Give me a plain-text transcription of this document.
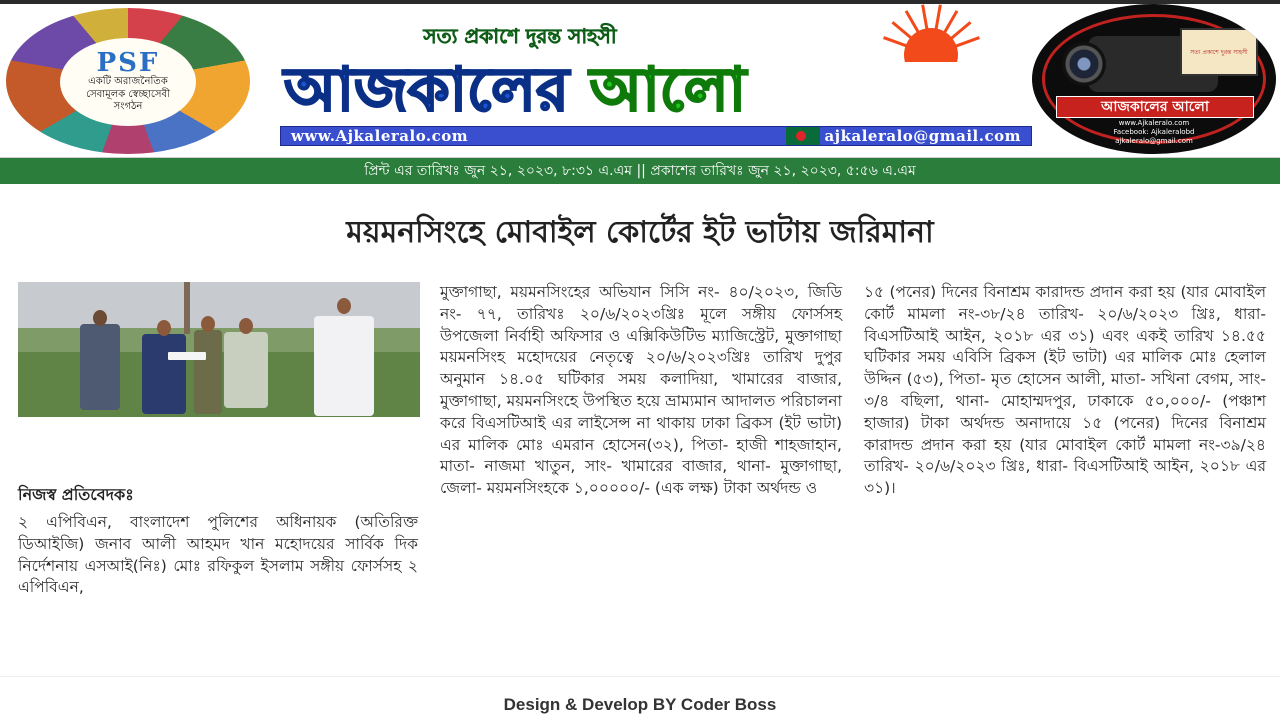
PSF
একটি অরাজনৈতিক
সেবামূলক স্বেচ্ছাসেবী
সংগঠন
সত্য প্রকাশে দুরন্ত সাহসী
আজকালের আলো
www.Ajkaleralo.com	ajkaleralo@gmail.com
সত্য প্রকাশে দুরন্ত সাহসী
আজকালের আলো
www.Ajkaleralo.com
Facebook: Ajkaleralobd
ajkaleralo@gmail.com
প্রিন্ট এর তারিখঃ জুন ২১, ২০২৩, ৮:৩১ এ.এম || প্রকাশের তারিখঃ জুন ২১, ২০২৩, ৫:৫৬ এ.এম
ময়মনসিংহে মোবাইল কোর্টের ইট ভাটায় জরিমানা
নিজস্ব প্রতিবেদকঃ
২ এপিবিএন, বাংলাদেশ পুলিশের অধিনায়ক (অতিরিক্ত ডিআইজি) জনাব আলী আহমদ খান মহোদয়ের সার্বিক দিক নির্দেশনায় এসআই(নিঃ) মোঃ রফিকুল ইসলাম সঙ্গীয় ফোর্সসহ ২ এপিবিএন,
মুক্তাগাছা, ময়মনসিংহের অভিযান সিসি নং- ৪০/২০২৩, জিডি নং- ৭৭, তারিখঃ ২০/৬/২০২৩খ্রিঃ মূলে সঙ্গীয় ফোর্সসহ উপজেলা নির্বাহী অফিসার ও এক্সিকিউটিভ ম্যাজিস্ট্রেট, মুক্তাগাছা ময়মনসিংহ মহোদয়ের নেতৃত্বে ২০/৬/২০২৩খ্রিঃ তারিখ দুপুর অনুমান ১৪.০৫ ঘটিকার সময় কলাদিয়া, খামারের বাজার, মুক্তাগাছা, ময়মনসিংহে উপস্থিত হয়ে ভ্রাম্যমান আদালত পরিচালনা করে বিএসটিআই এর লাইসেন্স না থাকায় ঢাকা ব্রিকস (ইট ভাটা) এর মালিক মোঃ এমরান হোসেন(৩২), পিতা- হাজী শাহজাহান, মাতা- নাজমা খাতুন, সাং- খামারের বাজার, থানা- মুক্তাগাছা, জেলা- ময়মনসিংহকে ১,০০০০০/- (এক লক্ষ) টাকা অর্থদন্ড ও
১৫ (পনের) দিনের বিনাশ্রম কারাদন্ড প্রদান করা হয় (যার মোবাইল কোর্ট মামলা নং-৩৮/২৪ তারিখ- ২০/৬/২০২৩ খ্রিঃ, ধারা- বিএসটিআই আইন, ২০১৮ এর ৩১) এবং একই তারিখ ১৪.৫৫ ঘটিকার সময় এবিসি ব্রিকস (ইট ভাটা) এর মালিক মোঃ হেলাল উদ্দিন (৫৩), পিতা- মৃত হোসেন আলী, মাতা- সখিনা বেগম, সাং- ৩/৪ বছিলা, থানা- মোহাম্মদপুর, ঢাকাকে ৫০,০০০/- (পঞ্চাশ হাজার) টাকা অর্থদন্ড অনাদায়ে ১৫ (পনের) দিনের বিনাশ্রম কারাদন্ড প্রদান করা হয় (যার মোবাইল কোর্ট মামলা নং-৩৯/২৪ তারিখ- ২০/৬/২০২৩ খ্রিঃ, ধারা- বিএসটিআই আইন, ২০১৮ এর ৩১)।
Design & Develop BY Coder Boss
